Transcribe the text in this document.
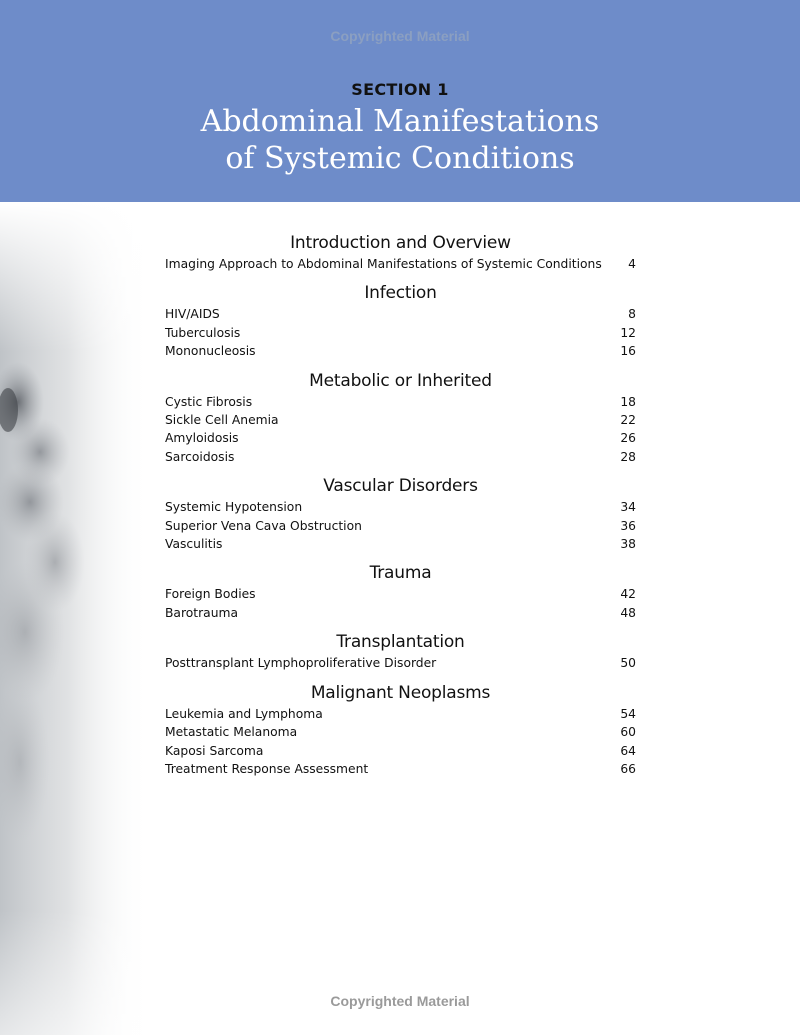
Copyrighted Material
SECTION 1
Abdominal Manifestations
of Systemic Conditions
Introduction and Overview
Imaging Approach to Abdominal Manifestations of Systemic Conditions 4
Infection
HIV/AIDS	8
Tuberculosis	12
Mononucleosis	16
Metabolic or Inherited
Cystic Fibrosis	18
Sickle Cell Anemia	22
Amyloidosis	26
Sarcoidosis	28
Vascular Disorders
Systemic Hypotension	34
Superior Vena Cava Obstruction	36
Vasculitis	38
Trauma
Foreign Bodies	42
Barotrauma	48
Transplantation
Posttransplant Lymphoproliferative Disorder	50
Malignant Neoplasms
Leukemia and Lymphoma	54
Metastatic Melanoma	60
Kaposi Sarcoma	64
Treatment Response Assessment	66
Copyrighted Material
